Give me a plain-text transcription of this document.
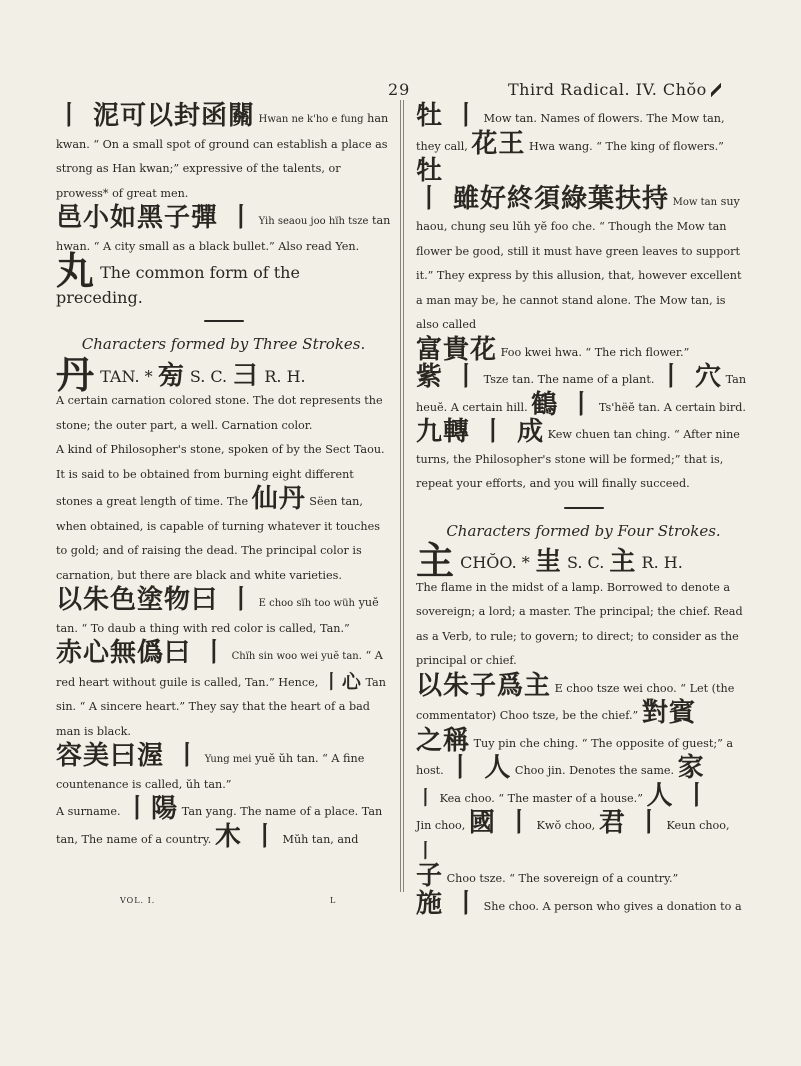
29	Third Radical. IV. Chŏo

丨 泥可以封函關 Hwan ne k'ho e fung han kwan. “ On a small spot of ground can establish a place as strong as Han kwan;” expressive of the talents, or prowess* of great men.

邑小如黑子彈 丨 Yih seaou joo hïh tsze tan hwan. “ A city small as a black bullet.” Also read Yen.

丸 The common form of the preceding.

Characters formed by Three Strokes.

丹 TAN. * 㫄 S. C. 彐 R. H.

A certain carnation colored stone. The dot represents the stone; the outer part, a well. Carnation color.

A kind of Philosopher's stone, spoken of by the Sect Taou. It is said to be obtained from burning eight different stones a great length of time. The 仙丹 Sëen tan, when obtained, is capable of turning whatever it touches to gold; and of raising the dead. The principal color is carnation, but there are black and white varieties.

以朱色塗物曰 丨 E choo sïh too wüh yuĕ tan. “ To daub a thing with red color is called, Tan.”

赤心無僞曰 丨 Chïh sin woo wei yuĕ tan. “ A red heart without guile is called, Tan.” Hence, 丨心 Tan sin. “ A sincere heart.” They say that the heart of a bad man is black.

容美曰渥 丨 Yung mei yuĕ ŭh tan. “ A fine countenance is called, ŭh tan.”

A surname. 丨陽 Tan yang. The name of a place. Tan tan, The name of a country. 木 丨 Mŭh tan, and

VOL. I.	L

牡 丨 Mow tan. Names of flowers. The Mow tan, they call, 花王 Hwa wang. “ The king of flowers.” 牡

丨 雖好終須綠葉扶持 Mow tan suy haou, chung seu lŭh yĕ foo che. “ Though the Mow tan flower be good, still it must have green leaves to support it.” They express by this allusion, that, however excellent a man may be, he cannot stand alone. The Mow tan, is also called

富貴花 Foo kwei hwa. “ The rich flower.”

紫 丨 Tsze tan. The name of a plant. 丨 穴 Tan heuĕ. A certain hill. 鶴 丨 Ts'hëĕ tan. A certain bird.

九轉 丨 成 Kew chuen tan ching. “ After nine turns, the Philosopher's stone will be formed;” that is, repeat your efforts, and you will finally succeed.

Characters formed by Four Strokes.

主 CHŎO. * 㞷 S. C. 主 R. H.

The flame in the midst of a lamp. Borrowed to denote a sovereign; a lord; a master. The principal; the chief. Read as a Verb, to rule; to govern; to direct; to consider as the principal or chief.

以朱子爲主 E choo tsze wei choo. “ Let (the commentator) Choo tsze, be the chief.” 對賓

之稱 Tuy pin che ching. “ The opposite of guest;” a host. 丨 人 Choo jin. Denotes the same. 家

丨 Kea choo. “ The master of a house.” 人 丨

Jin choo, 國 丨 Kwŏ choo, 君 丨 Keun choo, 丨

子 Choo tsze. “ The sovereign of a country.”

施 丨 She choo. A person who gives a donation to a
